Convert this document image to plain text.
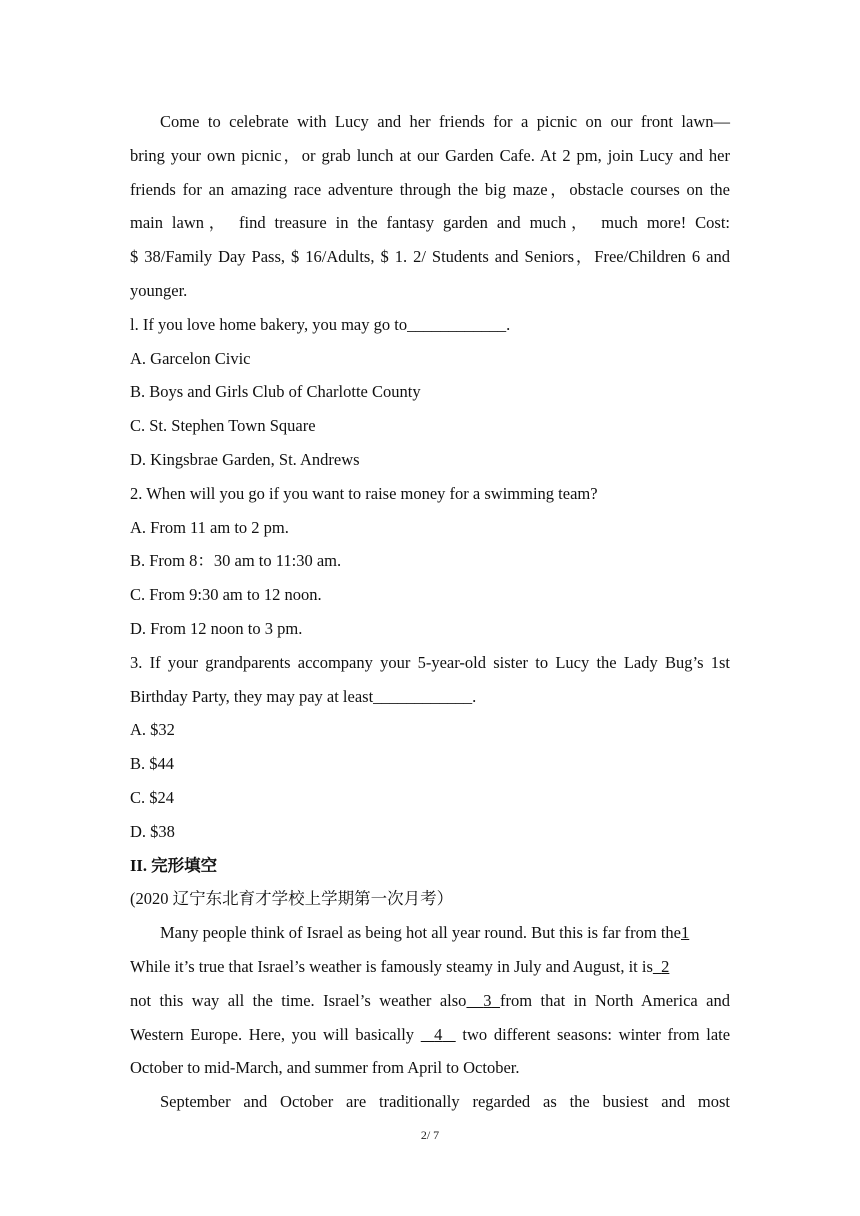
Come to celebrate with Lucy and her friends for a picnic on our front lawn—
bring your own picnic，or grab lunch at our Garden Cafe. At 2 pm, join Lucy and her
friends for an amazing race adventure through the big maze，obstacle courses on the
main lawn， find treasure in the fantasy garden and much， much more! Cost:
$ 38/Family Day Pass, $ 16/Adults, $ 1. 2/ Students and Seniors，Free/Children 6 and
younger.
l. If you love home bakery, you may go to____________.
A. Garcelon Civic
B. Boys and Girls Club of Charlotte County
C. St. Stephen Town Square
D. Kingsbrae Garden, St. Andrews
2. When will you go if you want to raise money for a swimming team?
A. From 11 am to 2 pm.
B. From 8：30 am to 11:30 am.
C. From 9:30 am to 12 noon.
D. From 12 noon to 3 pm.
3. If your grandparents accompany your 5-year-old sister to Lucy the Lady Bug’s 1st
Birthday Party, they may pay at least____________.
A. $32
B. $44
C. $24
D. $38
II. 完形填空
(2020 辽宁东北育才学校上学期第一次月考）
Many people think of Israel as being hot all year round. But this is far from the1
While it’s true that Israel’s weather is famously steamy in July and August, it is 2
not this way all the time. Israel’s weather also 3 from that in North America and
Western Europe. Here, you will basically 4 two different seasons: winter from late
October to mid-March, and summer from April to October.
September and October are traditionally regarded as the busiest and most
2/ 7
